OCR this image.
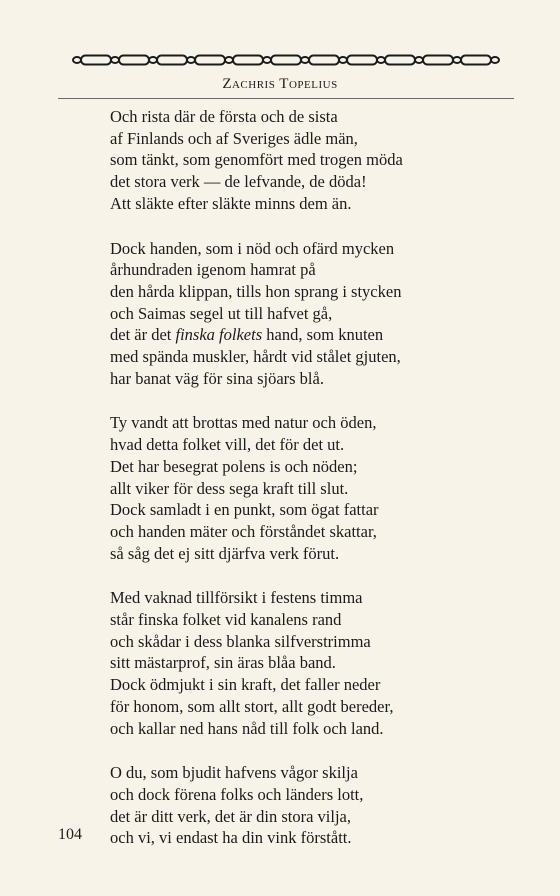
Zachris Topelius
Och rista där de första och de sista
af Finlands och af Sveriges ädle män,
som tänkt, som genomfört med trogen möda
det stora verk — de lefvande, de döda!
Att släkte efter släkte minns dem än.
Dock handen, som i nöd och ofärd mycken
århundraden igenom hamrat på
den hårda klippan, tills hon sprang i stycken
och Saimas segel ut till hafvet gå,
det är det finska folkets hand, som knuten
med spända muskler, hårdt vid stålet gjuten,
har banat väg för sina sjöars blå.
Ty vandt att brottas med natur och öden,
hvad detta folket vill, det för det ut.
Det har besegrat polens is och nöden;
allt viker för dess sega kraft till slut.
Dock samladt i en punkt, som ögat fattar
och handen mäter och förståndet skattar,
så såg det ej sitt djärfva verk förut.
Med vaknad tillförsikt i festens timma
står finska folket vid kanalens rand
och skådar i dess blanka silfverstrimma
sitt mästarprof, sin äras blåa band.
Dock ödmjukt i sin kraft, det faller neder
för honom, som allt stort, allt godt bereder,
och kallar ned hans nåd till folk och land.
O du, som bjudit hafvens vågor skilja
och dock förena folks och länders lott,
det är ditt verk, det är din stora vilja,
och vi, vi endast ha din vink förstått.
104
